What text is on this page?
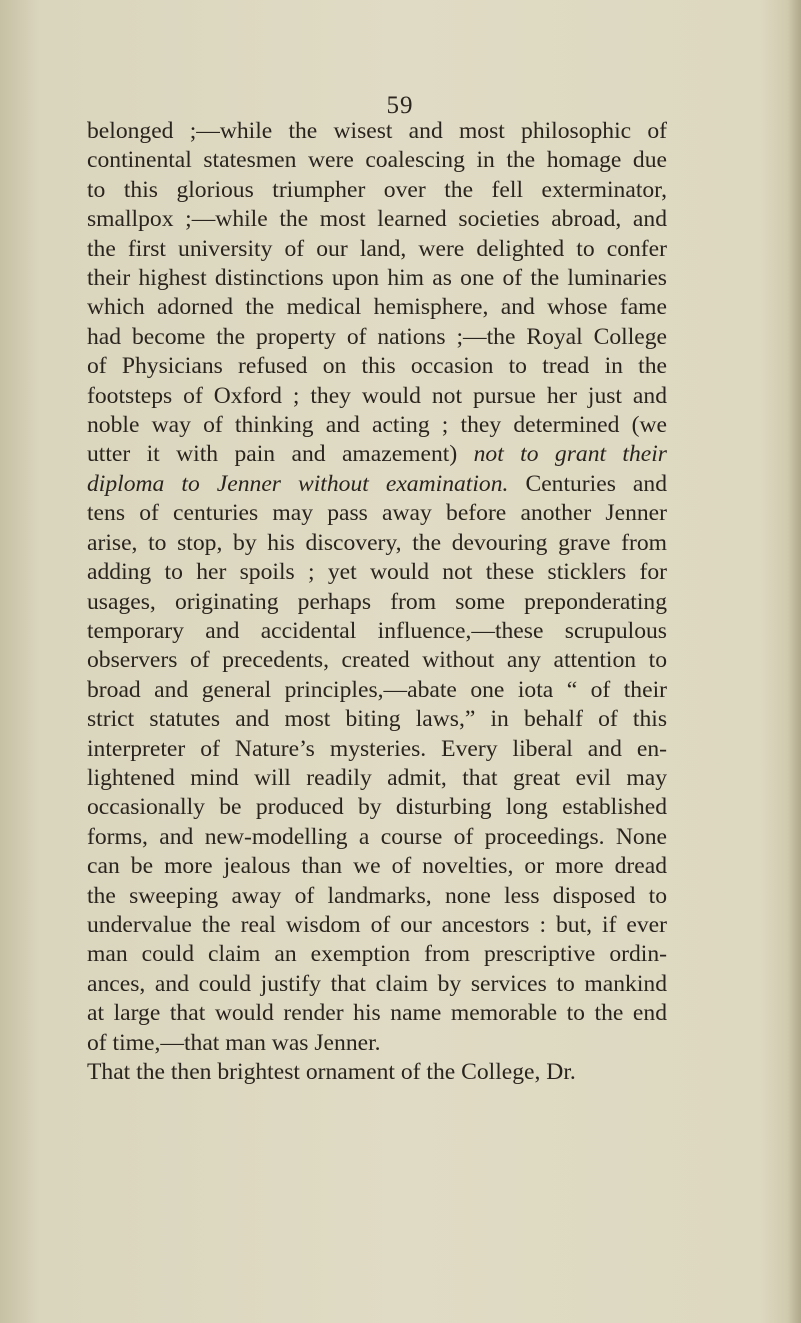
59
belonged ;—while the wisest and most philosophic of
continental statesmen were coalescing in the homage due
to this glorious triumpher over the fell exterminator,
smallpox ;—while the most learned societies abroad, and
the first university of our land, were delighted to confer
their highest distinctions upon him as one of the luminaries
which adorned the medical hemisphere, and whose fame
had become the property of nations ;—the Royal College
of Physicians refused on this occasion to tread in the
footsteps of Oxford ; they would not pursue her just and
noble way of thinking and acting ; they determined (we
utter it with pain and amazement) not to grant their
diploma to Jenner without examination. Centuries and
tens of centuries may pass away before another Jenner
arise, to stop, by his discovery, the devouring grave from
adding to her spoils ; yet would not these sticklers for
usages, originating perhaps from some preponderating
temporary and accidental influence,—these scrupulous
observers of precedents, created without any attention to
broad and general principles,—abate one iota “ of their
strict statutes and most biting laws,” in behalf of this
interpreter of Nature’s mysteries. Every liberal and en-
lightened mind will readily admit, that great evil may
occasionally be produced by disturbing long established
forms, and new-modelling a course of proceedings. None
can be more jealous than we of novelties, or more dread
the sweeping away of landmarks, none less disposed to
undervalue the real wisdom of our ancestors : but, if ever
man could claim an exemption from prescriptive ordin-
ances, and could justify that claim by services to mankind
at large that would render his name memorable to the end
of time,—that man was Jenner.
That the then brightest ornament of the College, Dr.
